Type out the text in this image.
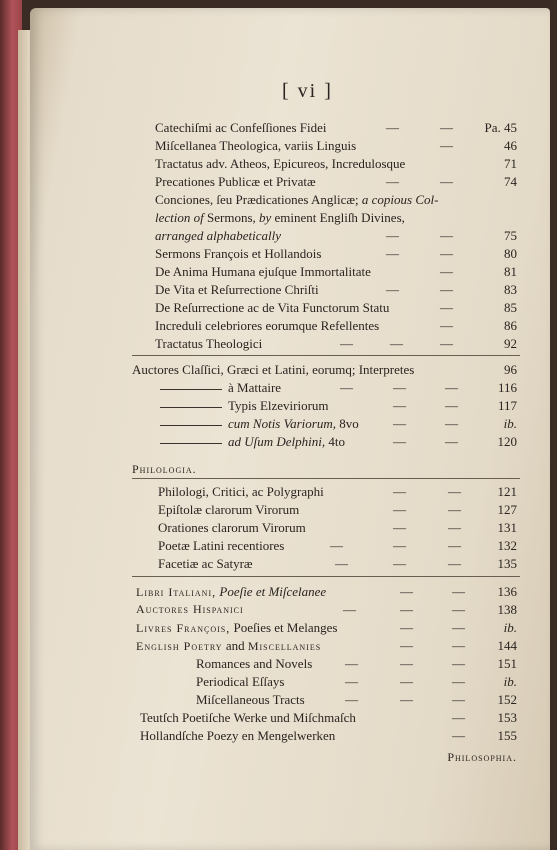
[ vi ]
Catechiſmi ac Confeſſiones Fidei	—	— Pa. 45
Miſcellanea Theologica, variis Linguis	—	46
Tractatus adv. Atheos, Epicureos, Incredulosque	71
Precationes Publicæ et Privatæ	—	—	74
Conciones, ſeu Prædicationes Anglicæ; a copious Col-
lection of Sermons, by eminent Engliſh Divines,
arranged alphabetically	—	—	75
Sermons François et Hollandois	—	—	80
De Anima Humana ejuſque Immortalitate	—	81
De Vita et Reſurrectione Chriſti	—	—	83
De Reſurrectione ac de Vita Functorum Statu	—	85
Increduli celebriores eorumque Refellentes	—	86
Tractatus Theologici	—	—	—	92
Auctores Claſſici, Græci et Latini, eorumq; Interpretes	96
à Mattaire	—	—	—	116
Typis Elzeviriorum	—	—	117
cum Notis Variorum, 8vo	—	—	ib.
ad Uſum Delphini, 4to	—	—	120
Philologia.
Philologi, Critici, ac Polygraphi	—	—	121
Epiſtolæ clarorum Virorum	—	—	127
Orationes clarorum Virorum	—	—	131
Poetæ Latini recentiores	—	—	—	132
Facetiæ ac Satyræ	—	—	—	135
Libri Italiani, Poeſie et Miſcelanee	—	—	136
Auctores Hispanici	—	—	—	138
Livres François, Poeſies et Melanges	—	—	ib.
English Poetry and Miscellanies	—	—	144
Romances and Novels	—	—	—	151
Periodical Eſſays	—	—	—	ib.
Miſcellaneous Tracts	—	—	—	152
Teutſch Poetiſche Werke und Miſchmaſch	—	153
Hollandſche Poezy en Mengelwerken	—	155
Philosophia.
